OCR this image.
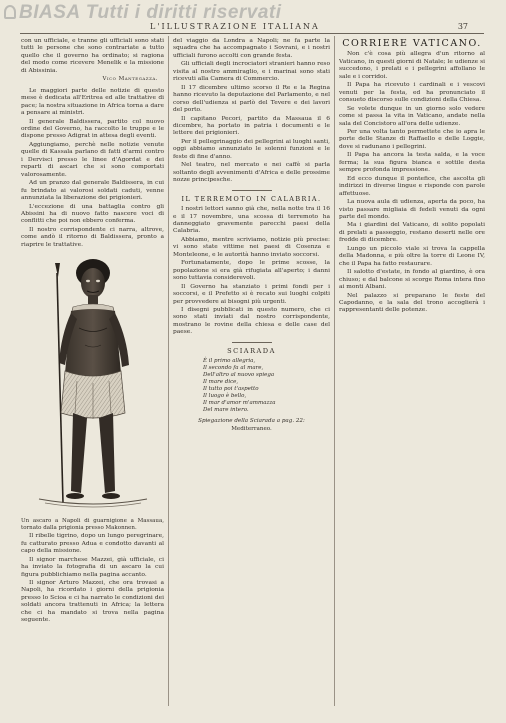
BIASA Tutti i diritti riservati
L'ILLUSTRAZIONE ITALIANA	37

con un ufficiale, e tranne gli ufficiali sono stati tutti le persone che sono contrariate a tutto quello che il governo ha ordinato; si ragiona del modo come ricevere Menelik e la missione di Abissinia.

Vico Mantegazza.

Le maggiori parte delle notizie di questo mese è dedicata all'Eritrea ed alle trattative di pace; la nostra situazione in Africa torna a dare a pensare ai ministri.

Il generale Baldissera, partito col nuovo ordine del Governo, ha raccolto le truppe e le dispone presso Adigrat in attesa degli eventi.

Aggiungiamo, perchè nelle notizie venute quelle di Kassala parlano di fatti d'armi contro i Dervisci presso le linee d'Agordat e dei reparti di ascari che si sono comportati valorosamente.

Ad un pranzo dal generale Baldissera, in cui fu brindato ai valorosi soldati caduti, venne annunziata la liberazione dei prigionieri.

L'eccezione di una battaglia contro gli Abissini ha di nuovo fatto nascere voci di conflitti che poi non ebbero conferma.

Il nostro corrispondente ci narra, altrove, come andò il ritorno di Baldissera, pronto a riaprire le trattative.

Un ascaro a Napoli di guarnigione a Massaua, tornato dalla prigionia presso Makonnen.

Il ribelle tigrino, dopo un lungo peregrinare, fu catturato presso Adua e condotto davanti al capo della missione.

Il signor marchese Mazzei, già ufficiale, ci ha inviato la fotografia di un ascaro la cui figura pubblichiamo nella pagina accanto.

Il signor Arturo Mazzei, che ora trovasi a Napoli, ha ricordato i giorni della prigionia presso lo Scioa e ci ha narrato le condizioni dei soldati ancora trattenuti in Africa; la lettera che ci ha mandato si trova nella pagina seguente.

del viaggio da Londra a Napoli; ne fa parte la squadra che ha accompagnato i Sovrani, e i nostri ufficiali furono accolti con grande festa.

Gli ufficiali degli incrociatori stranieri hanno reso visita al nostro ammiraglio, e i marinai sono stati ricevuti alla Camera di Commercio.

Il 17 dicembre ultimo scorso il Re e la Regina hanno ricevuto la deputazione del Parlamento, e nel corso dell'udienza si parlò del Tevere e dei lavori del porto.

Il capitano Pecori, partito da Massaua il 6 dicembre, ha portato in patria i documenti e le lettere dei prigionieri.

Per il pellegrinaggio dei pellegrini ai luoghi santi, oggi abbiamo annunziato le solenni funzioni e le feste di fine d'anno.

Nel teatro, nel mercato e nei caffè si parla soltanto degli avvenimenti d'Africa e delle prossime nozze principesche.

IL TERREMOTO IN CALABRIA.

I nostri lettori sanno già che, nella notte tra il 16 e il 17 novembre, una scossa di terremoto ha danneggiato gravemente parecchi paesi della Calabria.

Abbiamo, mentre scriviamo, notizie più precise: vi sono state vittime nei paesi di Cosenza e Monteleone, e le autorità hanno inviato soccorsi.

Fortunatamente, dopo le prime scosse, la popolazione si era già rifugiata all'aperto; i danni sono tuttavia considerevoli.

Il Governo ha stanziato i primi fondi per i soccorsi, e il Prefetto si è recato sui luoghi colpiti per provvedere ai bisogni più urgenti.

I disegni pubblicati in questo numero, che ci sono stati inviati dal nostro corrispondente, mostrano le rovine della chiesa e delle case del paese.

SCIARADA
È il primo allegria,
Il secondo fa al mare,
Dell'altro al nuovo spiega
Il mare dice,
Il tutto poi t'aspetto
Il luogo è bello,
Il mar d'amor m'ammazza
Del mare intero.
Spiegazione della Sciarada a pag. 22:
Mediterraneo.
CORRIERE VATICANO.

Non c'è cosa più allegra d'un ritorno al Vaticano, in questi giorni di Natale; le udienze si succedono, i prelati e i pellegrini affollano le sale e i corridoi.

Il Papa ha ricevuto i cardinali e i vescovi venuti per la festa, ed ha pronunciato il consueto discorso sulle condizioni della Chiesa.

Se volete dunque in un giorno solo vedere come si passa la vita in Vaticano, andate nella sala del Concistoro all'ora delle udienze.

Per una volta tanto permettete che io apra le porte delle Stanze di Raffaello e delle Loggie, dove si radunano i pellegrini.

Il Papa ha ancora la testa salda, e la voce ferma; la sua figura bianca e sottile desta sempre profonda impressione.

Ed ecco dunque il pontefice, che ascolta gli indirizzi in diverse lingue e risponde con parole affettuose.

La nuova aula di udienza, aperta da poco, ha visto passare migliaia di fedeli venuti da ogni parte del mondo.

Ma i giardini del Vaticano, di solito popolati di prelati a passeggio, restano deserti nelle ore fredde di dicembre.

Lungo un piccolo viale si trova la cappella della Madonna, e più oltre la torre di Leone IV, che il Papa ha fatto restaurare.

Il salotto d'estate, in fondo al giardino, è ora chiuso; e dal balcone si scorge Roma intera fino ai monti Albani.

Nel palazzo si preparano le feste del Capodanno, e la sala del trono accoglierà i rappresentanti delle potenze.
